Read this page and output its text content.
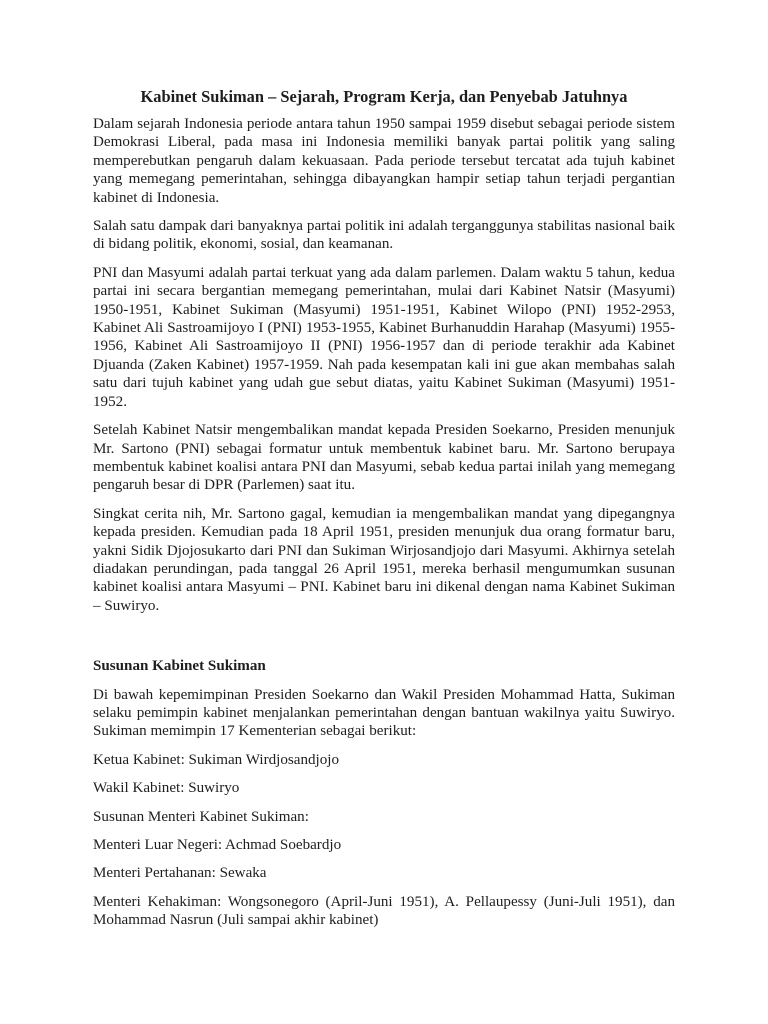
Kabinet Sukiman – Sejarah, Program Kerja, dan Penyebab Jatuhnya

Dalam sejarah Indonesia periode antara tahun 1950 sampai 1959 disebut sebagai periode sistem Demokrasi Liberal, pada masa ini Indonesia memiliki banyak partai politik yang saling memperebutkan pengaruh dalam kekuasaan. Pada periode tersebut tercatat ada tujuh kabinet yang memegang pemerintahan, sehingga dibayangkan hampir setiap tahun terjadi pergantian kabinet di Indonesia.

Salah satu dampak dari banyaknya partai politik ini adalah terganggunya stabilitas nasional baik di bidang politik, ekonomi, sosial, dan keamanan.

PNI dan Masyumi adalah partai terkuat yang ada dalam parlemen. Dalam waktu 5 tahun, kedua partai ini secara bergantian memegang pemerintahan, mulai dari Kabinet Natsir (Masyumi) 1950-1951, Kabinet Sukiman (Masyumi) 1951-1951, Kabinet Wilopo (PNI) 1952-2953, Kabinet Ali Sastroamijoyo I (PNI) 1953-1955, Kabinet Burhanuddin Harahap (Masyumi) 1955-1956, Kabinet Ali Sastroamijoyo II (PNI) 1956-1957 dan di periode terakhir ada Kabinet Djuanda (Zaken Kabinet) 1957-1959. Nah pada kesempatan kali ini gue akan membahas salah satu dari tujuh kabinet yang udah gue sebut diatas, yaitu Kabinet Sukiman (Masyumi) 1951-1952.

Setelah Kabinet Natsir mengembalikan mandat kepada Presiden Soekarno, Presiden menunjuk Mr. Sartono (PNI) sebagai formatur untuk membentuk kabinet baru. Mr. Sartono berupaya membentuk kabinet koalisi antara PNI dan Masyumi, sebab kedua partai inilah yang memegang pengaruh besar di DPR (Parlemen) saat itu.

Singkat cerita nih, Mr. Sartono gagal, kemudian ia mengembalikan mandat yang dipegangnya kepada presiden. Kemudian pada 18 April 1951, presiden menunjuk dua orang formatur baru, yakni Sidik Djojosukarto dari PNI dan Sukiman Wirjosandjojo dari Masyumi. Akhirnya setelah diadakan perundingan, pada tanggal 26 April 1951, mereka berhasil mengumumkan susunan kabinet koalisi antara Masyumi – PNI. Kabinet baru ini dikenal dengan nama Kabinet Sukiman – Suwiryo.

Susunan Kabinet Sukiman

Di bawah kepemimpinan Presiden Soekarno dan Wakil Presiden Mohammad Hatta, Sukiman selaku pemimpin kabinet menjalankan pemerintahan dengan bantuan wakilnya yaitu Suwiryo. Sukiman memimpin 17 Kementerian sebagai berikut:

Ketua Kabinet: Sukiman Wirdjosandjojo

Wakil Kabinet: Suwiryo

Susunan Menteri Kabinet Sukiman:

Menteri Luar Negeri: Achmad Soebardjo

Menteri Pertahanan: Sewaka

Menteri Kehakiman: Wongsonegoro (April-Juni 1951), A. Pellaupessy (Juni-Juli 1951), dan Mohammad Nasrun (Juli sampai akhir kabinet)
